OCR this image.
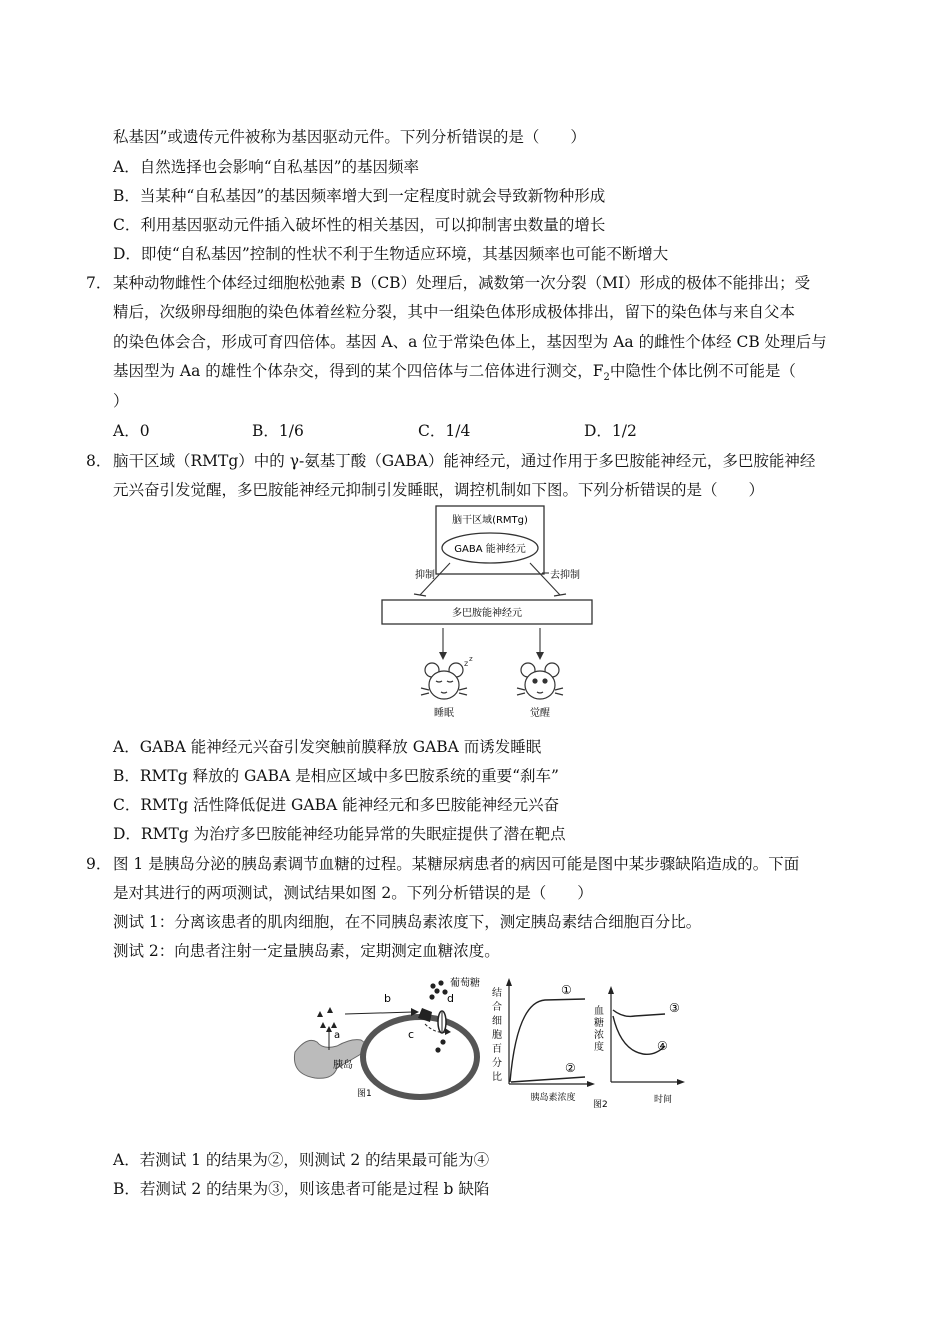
私基因”或遗传元件被称为基因驱动元件。下列分析错误的是（　　）
A．自然选择也会影响“自私基因”的基因频率
B．当某种“自私基因”的基因频率增大到一定程度时就会导致新物种形成
C．利用基因驱动元件插入破坏性的相关基因，可以抑制害虫数量的增长
D．即使“自私基因”控制的性状不利于生物适应环境，其基因频率也可能不断增大
7． 某种动物雌性个体经过细胞松弛素 B（CB）处理后，减数第一次分裂（MⅠ）形成的极体不能排出；受
精后，次级卵母细胞的染色体着丝粒分裂，其中一组染色体形成极体排出，留下的染色体与来自父本
的染色体会合，形成可育四倍体。基因 A、a 位于常染色体上，基因型为 Aa 的雌性个体经 CB 处理后与
基因型为 Aa 的雄性个体杂交，得到的某个四倍体与二倍体进行测交，$F_2$中隐性个体比例不可能是（
）
A．0	B．1/6	C．1/4	D．1/2
8． 脑干区域（RMTg）中的 γ-氨基丁酸（GABA）能神经元，通过作用于多巴胺能神经元，多巴胺能神经
元兴奋引发觉醒，多巴胺能神经元抑制引发睡眠，调控机制如下图。下列分析错误的是（　　）
脑干区域(RMTg)
GABA 能神经元
抑制	去抑制
多巴胺能神经元
z z
睡眠	觉醒
A．GABA 能神经元兴奋引发突触前膜释放 GABA 而诱发睡眠
B．RMTg 释放的 GABA 是相应区域中多巴胺系统的重要“刹车”
C．RMTg 活性降低促进 GABA 能神经元和多巴胺能神经元兴奋
D．RMTg 为治疗多巴胺能神经功能异常的失眠症提供了潜在靶点
9． 图 1 是胰岛分泌的胰岛素调节血糖的过程。某糖尿病患者的病因可能是图中某步骤缺陷造成的。下面
是对其进行的两项测试，测试结果如图 2。下列分析错误的是（　　）
测试 1：分离该患者的肌肉细胞，在不同胰岛素浓度下，测定胰岛素结合细胞百分比。
测试 2：向患者注射一定量胰岛素，定期测定血糖浓度。
胰岛
a
b
c
d
葡萄糖
图1
结
合
细
胞
百
分
比
①
②
胰岛素浓度
血
糖
浓
度
③
④
图2	时间
A．若测试 1 的结果为②，则测试 2 的结果最可能为④
B．若测试 2 的结果为③，则该患者可能是过程 b 缺陷
